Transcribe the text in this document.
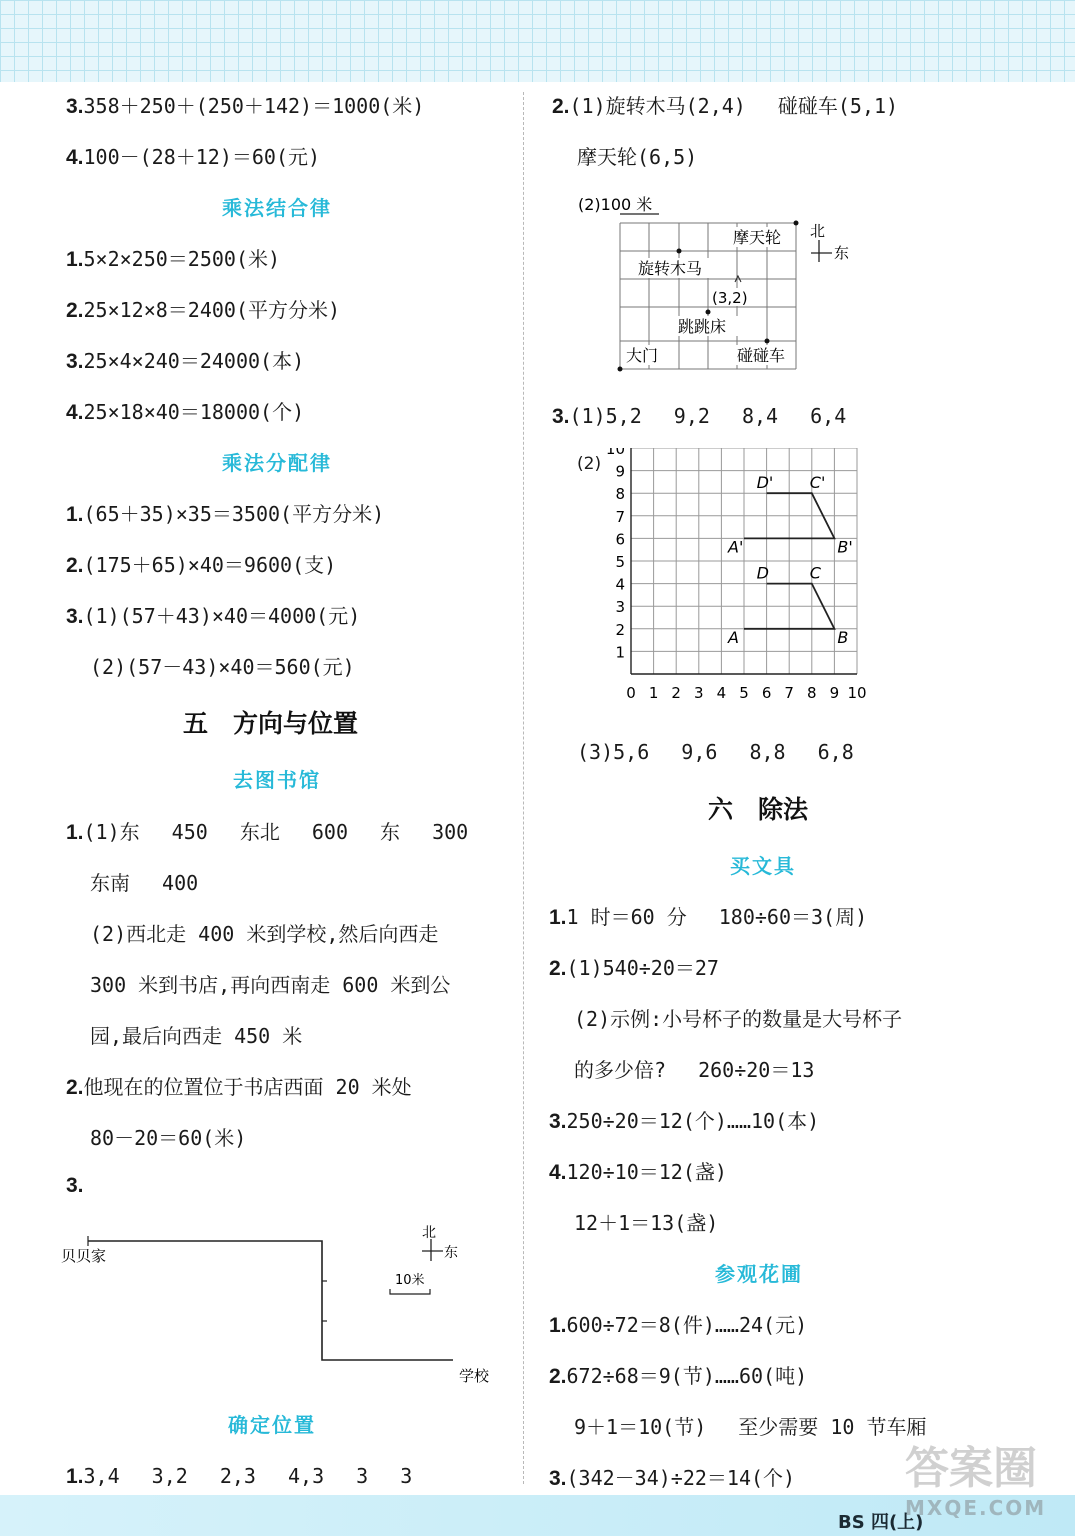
3.358＋250＋(250＋142)＝1000(米)
4.100－(28＋12)＝60(元)
乘法结合律
1.5×2×250＝2500(米)
2.25×12×8＝2400(平方分米)
3.25×4×240＝24000(本)
4.25×18×40＝18000(个)
乘法分配律
1.(65＋35)×35＝3500(平方分米)
2.(175＋65)×40＝9600(支)
3.(1)(57＋43)×40＝4000(元)
(2)(57－43)×40＝560(元)
五　方向与位置
去图书馆
1.(1)东　 450　 东北　 600　 东　 300
东南　 400
(2)西北走 400 米到学校,然后向西走
300 米到书店,再向西南走 600 米到公
园,最后向西走 450 米
2.他现在的位置位于书店西面 20 米处
80－20＝60(米)
3.
贝贝家
学校
北
东
10米
确定位置
1.3,4　 3,2　 2,3　 4,3　 3　 3
2.(1)旋转木马(2,4)　 碰碰车(5,1)
摩天轮(6,5)
(2)100 米
摩天轮
旋转木马
(3,2)
跳跳床
大门	碰碰车
北
东
3.(1)5,2　 9,2　 8,4　 6,4
(2)
0 1 2 3 4 5 6 7 8 9 10
1
2
3
4
5
6
7
8
9
10
A	B
C
D
A'	B'
C'
D'
(3)5,6　 9,6　 8,8　 6,8
六　除法
买文具
1.1 时＝60 分　 180÷60＝3(周)
2.(1)540÷20＝27
(2)示例:小号杯子的数量是大号杯子
的多少倍?　 260÷20＝13
3.250÷20＝12(个)……10(本)
4.120÷10＝12(盏)
12＋1＝13(盏)
参观花圃
1.600÷72＝8(件)……24(元)
2.672÷68＝9(节)……60(吨)
9＋1＝10(节)　 至少需要 10 节车厢
3.(342－34)÷22＝14(个)
BS 四(上)
答案圈
MXQE.COM
